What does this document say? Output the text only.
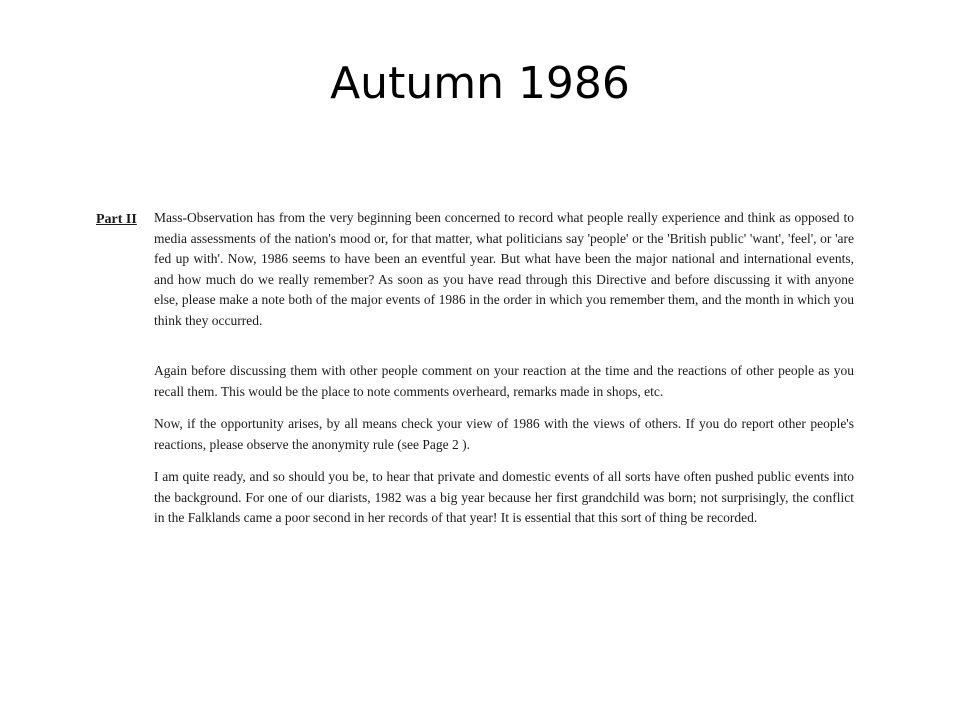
Autumn 1986
Part II	Mass-Observation has from the very beginning been concerned to record what people really experience and think as opposed to media assessments of the nation's mood or, for that matter, what politicians say 'people' or the 'British public' 'want', 'feel', or 'are fed up with'. Now, 1986 seems to have been an eventful year. But what have been the major national and international events, and how much do we really remember? As soon as you have read through this Directive and before discussing it with anyone else, please make a note both of the major events of 1986 in the order in which you remember them, and the month in which you think they occurred.

Again before discussing them with other people comment on your reaction at the time and the reactions of other people as you recall them. This would be the place to note comments overheard, remarks made in shops, etc.

Now, if the opportunity arises, by all means check your view of 1986 with the views of others. If you do report other people's reactions, please observe the anonymity rule (see Page 2 ).

I am quite ready, and so should you be, to hear that private and domestic events of all sorts have often pushed public events into the background. For one of our diarists, 1982 was a big year because her first grandchild was born; not surprisingly, the conflict in the Falklands came a poor second in her records of that year! It is essential that this sort of thing be recorded.
